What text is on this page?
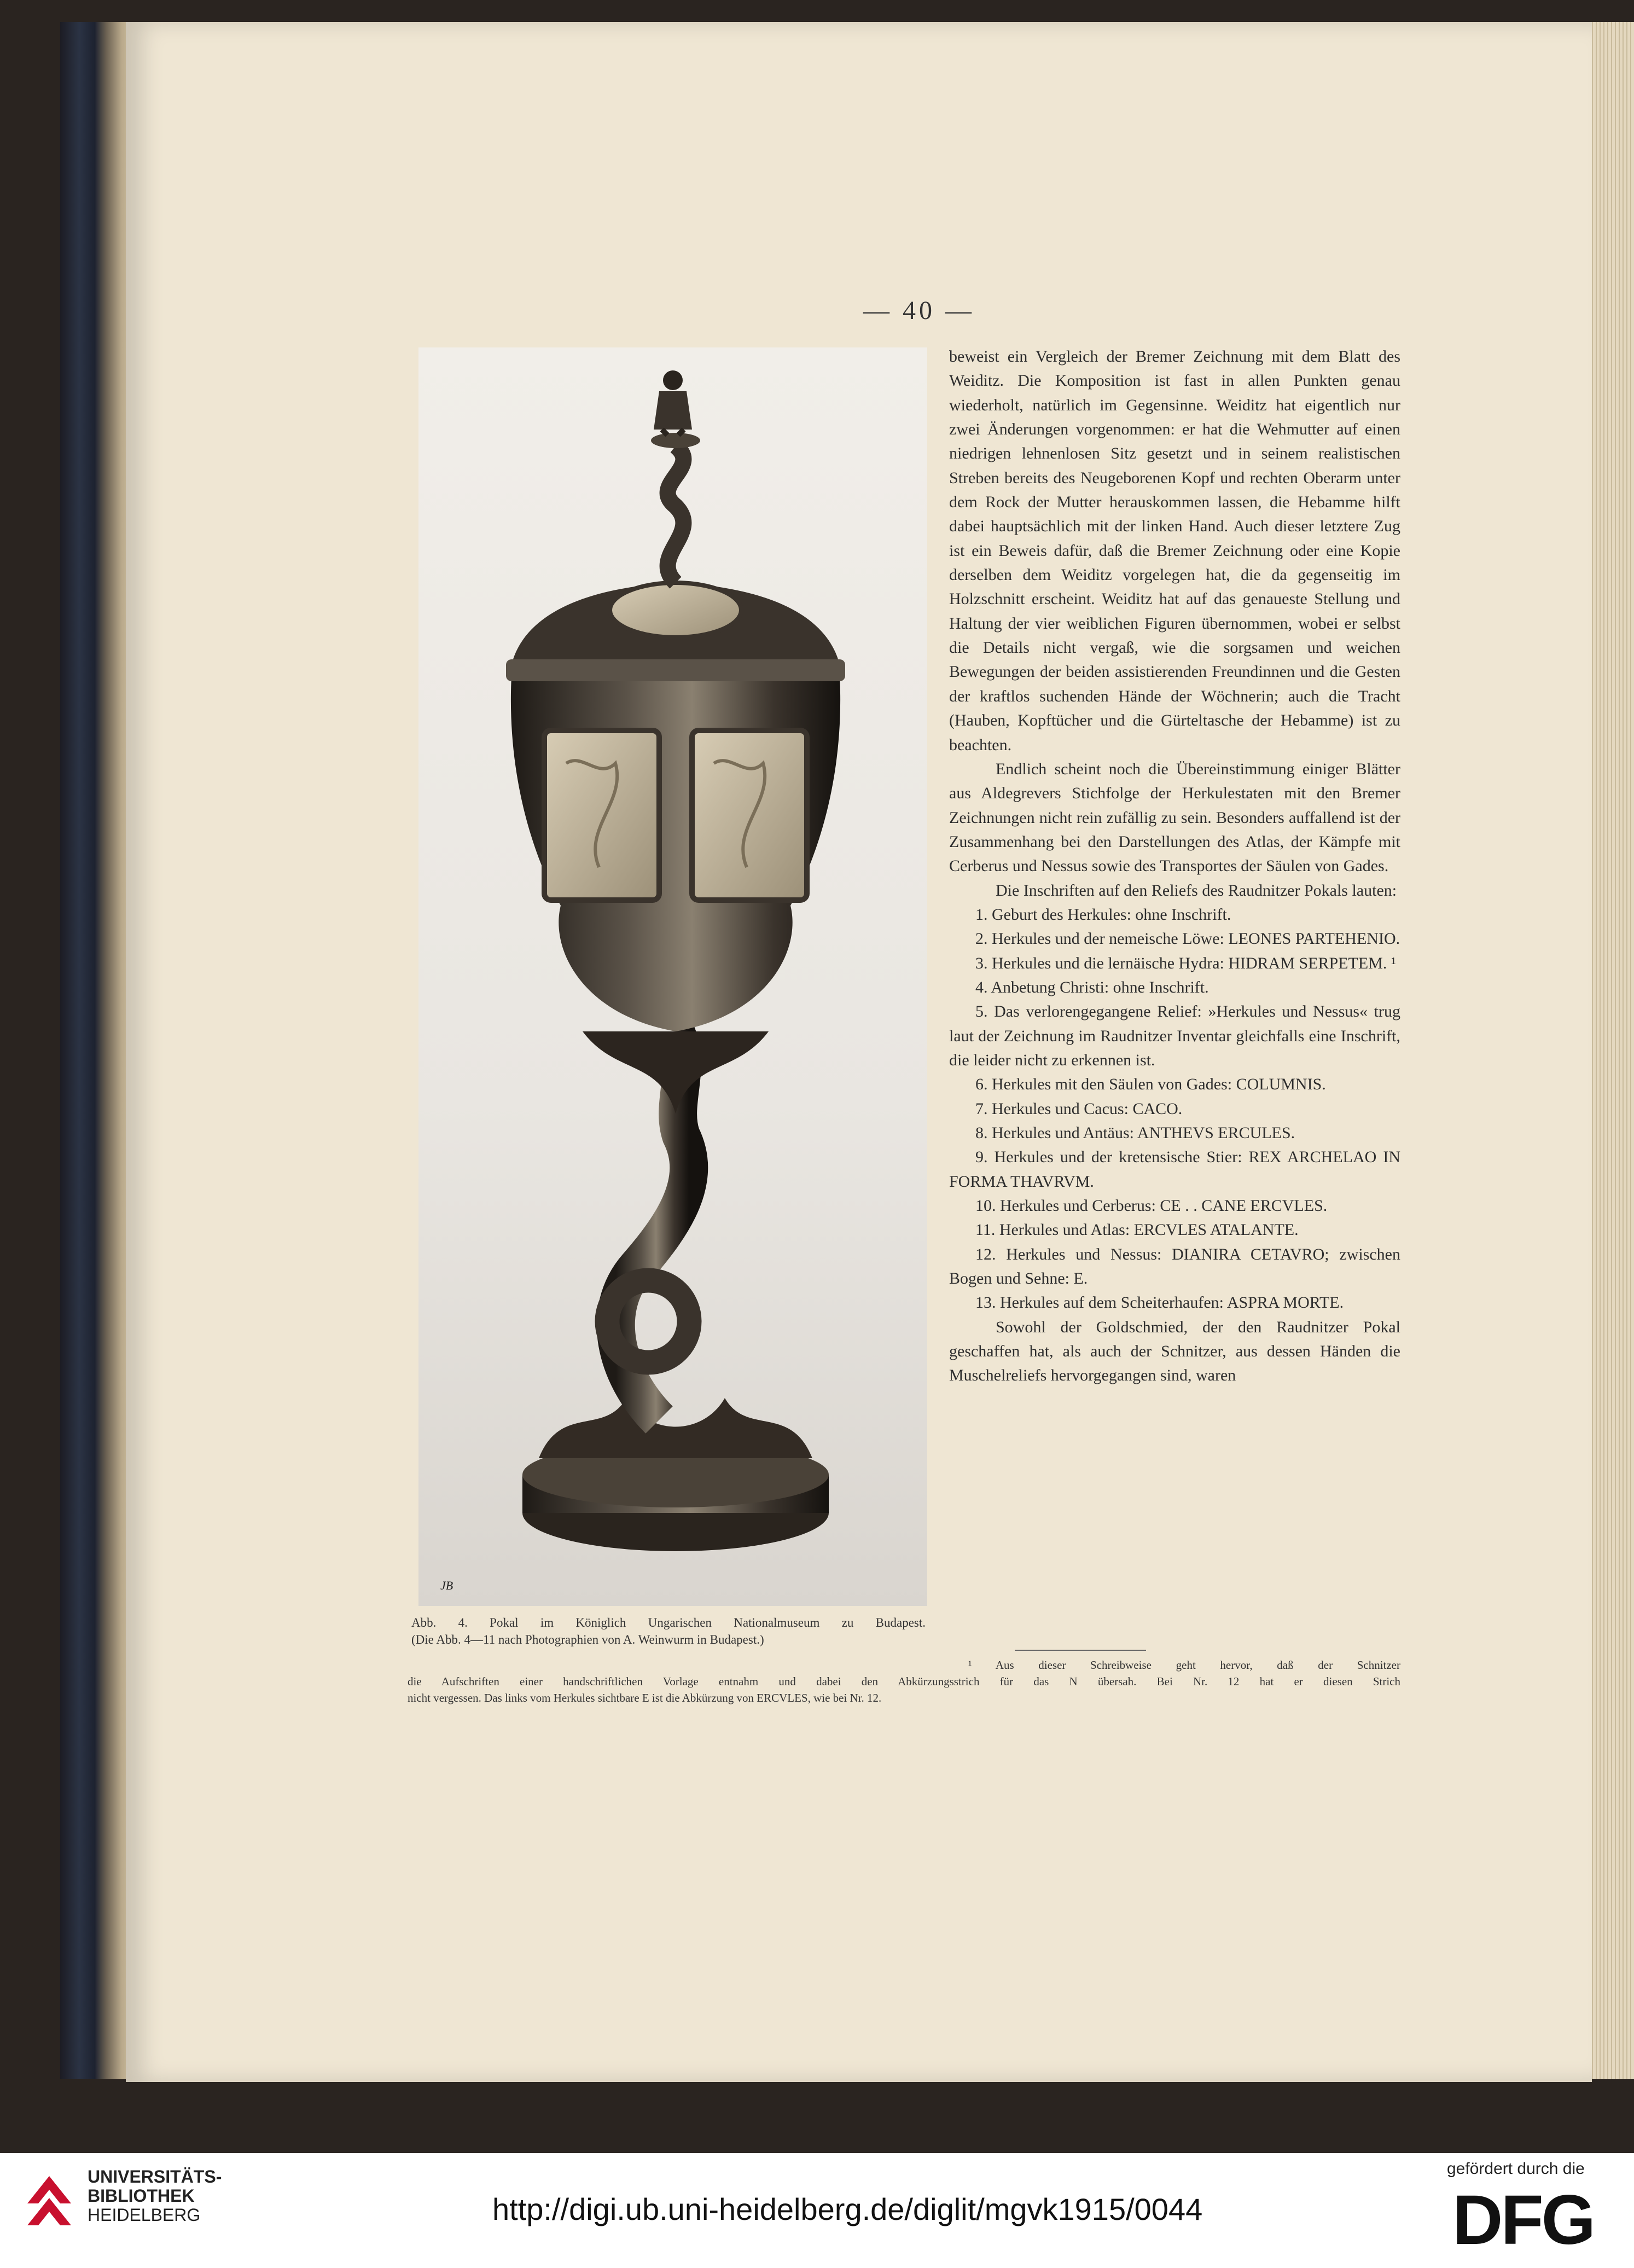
— 40 —
JB
Abb. 4. Pokal im Königlich Ungarischen Nationalmuseum zu Budapest.
(Die Abb. 4—11 nach Photographien von A. Weinwurm in Budapest.)

beweist ein Vergleich der Bremer Zeichnung mit dem Blatt des Weiditz. Die Komposition ist fast in allen Punkten genau wiederholt, natürlich im Gegensinne. Weiditz hat eigentlich nur zwei Änderungen vorgenommen: er hat die Wehmutter auf einen niedrigen lehnenlosen Sitz gesetzt und in seinem realistischen Streben bereits des Neugeborenen Kopf und rechten Oberarm unter dem Rock der Mutter herauskommen lassen, die Hebamme hilft dabei hauptsächlich mit der linken Hand. Auch dieser letztere Zug ist ein Beweis dafür, daß die Bremer Zeichnung oder eine Kopie derselben dem Weiditz vorgelegen hat, die da gegenseitig im Holzschnitt erscheint. Weiditz hat auf das genaueste Stellung und Haltung der vier weiblichen Figuren übernommen, wobei er selbst die Details nicht vergaß, wie die sorgsamen und weichen Bewegungen der beiden assistierenden Freundinnen und die Gesten der kraftlos suchenden Hände der Wöchnerin; auch die Tracht (Hauben, Kopftücher und die Gürteltasche der Hebamme) ist zu beachten.

Endlich scheint noch die Übereinstimmung einiger Blätter aus Aldegrevers Stichfolge der Herkulestaten mit den Bremer Zeichnungen nicht rein zufällig zu sein. Besonders auffallend ist der Zusammenhang bei den Darstellungen des Atlas, der Kämpfe mit Cerberus und Nessus sowie des Transportes der Säulen von Gades.

Die Inschriften auf den Reliefs des Raudnitzer Pokals lauten:

1. Geburt des Herkules: ohne Inschrift.

2. Herkules und der nemeische Löwe: LEONES PARTEHENIO.

3. Herkules und die lernäische Hydra: HIDRAM SERPETEM. ¹

4. Anbetung Christi: ohne Inschrift.

5. Das verlorengegangene Relief: »Herkules und Nessus« trug laut der Zeichnung im Raudnitzer Inventar gleichfalls eine Inschrift, die leider nicht zu erkennen ist.

6. Herkules mit den Säulen von Gades: COLUMNIS.

7. Herkules und Cacus: CACO.

8. Herkules und Antäus: ANTHEVS ERCULES.

9. Herkules und der kretensische Stier: REX ARCHELAO IN FORMA THAVRVM.

10. Herkules und Cerberus: CE . . CANE ERCVLES.

11. Herkules und Atlas: ERCVLES ATALANTE.

12. Herkules und Nessus: DIANIRA CETAVRO; zwischen Bogen und Sehne: E.

13. Herkules auf dem Scheiterhaufen: ASPRA MORTE.

Sowohl der Goldschmied, der den Raudnitzer Pokal geschaffen hat, als auch der Schnitzer, aus dessen Händen die Muschelreliefs hervorgegangen sind, waren

¹ Aus dieser Schreibweise geht hervor, daß der Schnitzer
die Aufschriften einer handschriftlichen Vorlage entnahm und dabei den Abkürzungsstrich für das N übersah. Bei Nr. 12 hat er diesen Strich
nicht vergessen. Das links vom Herkules sichtbare E ist die Abkürzung von ERCVLES, wie bei Nr. 12.
UNIVERSITÄTS-
BIBLIOTHEK
HEIDELBERG	http://digi.ub.uni-heidelberg.de/diglit/mgvk1915/0044
gefördert durch die
DFG
